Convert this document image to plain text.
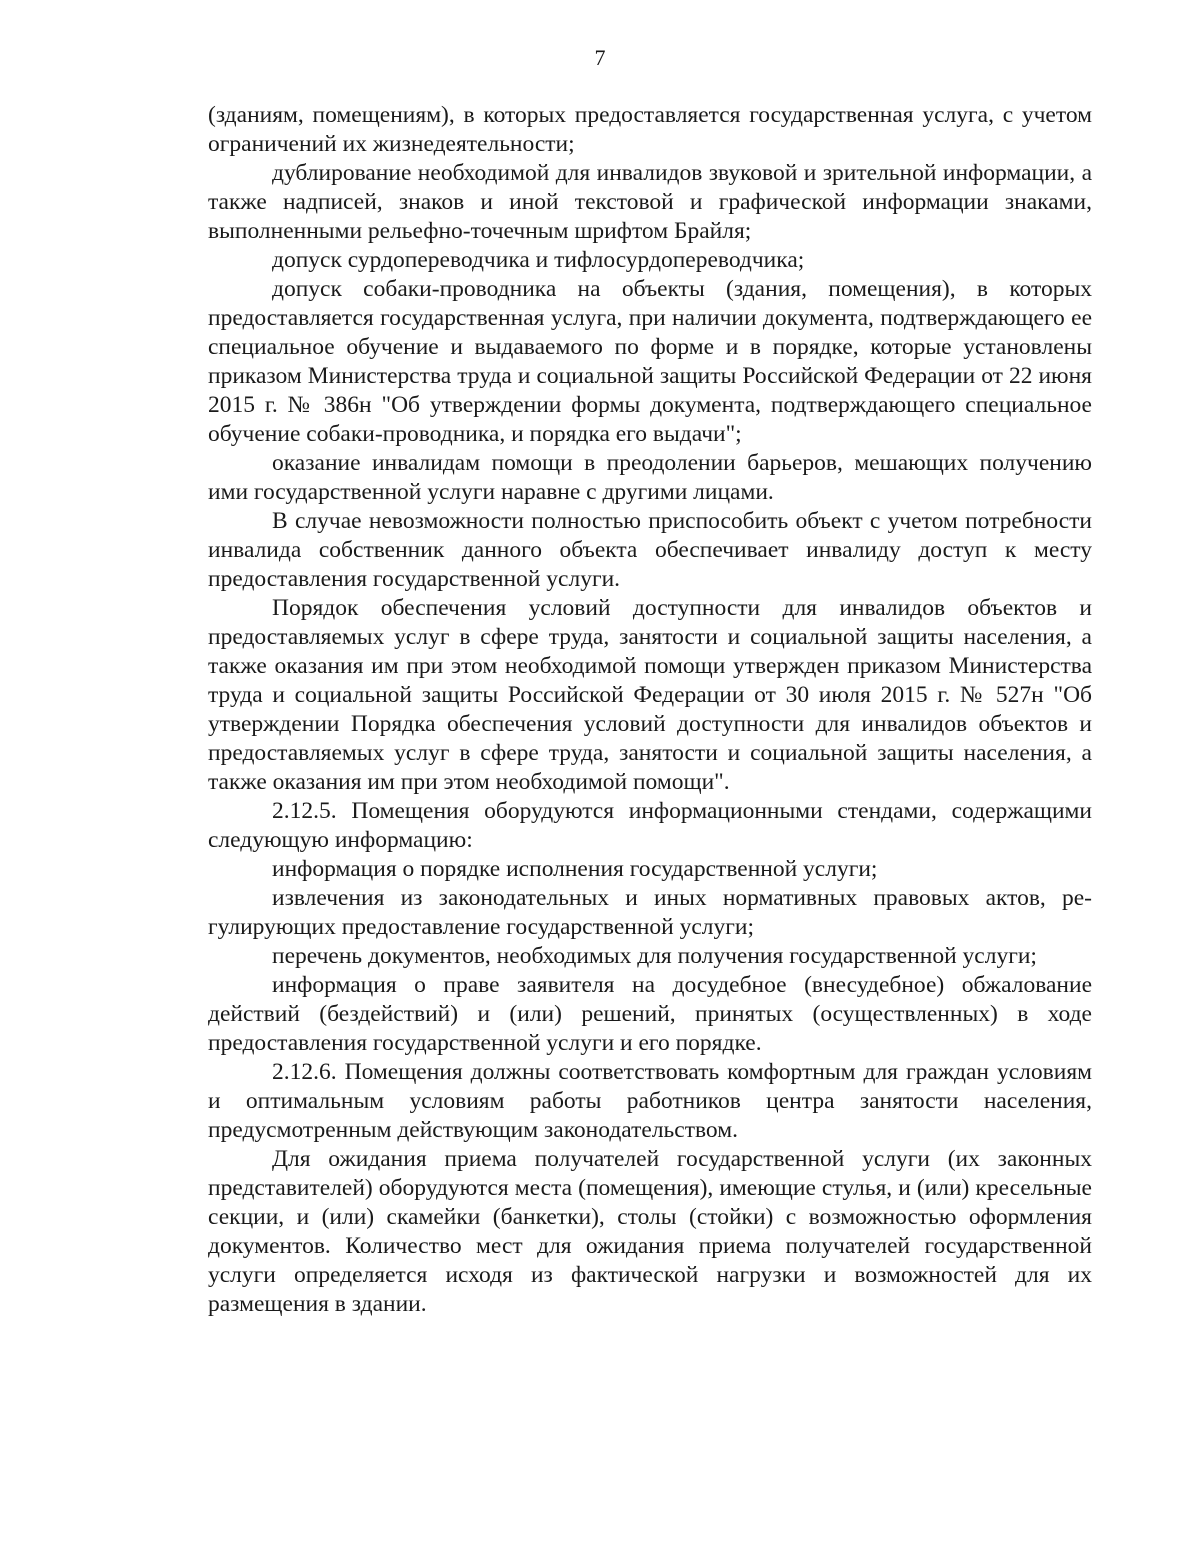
7

(зданиям, помещениям), в которых предоставляется государственная услуга, с учетом ограничений их жизнедеятельности;

дублирование необходимой для инвалидов звуковой и зрительной информации, а также надписей, знаков и иной текстовой и графической информации знаками, выполненными рельефно-точечным шрифтом Брайля;

допуск сурдопереводчика и тифлосурдопереводчика;

допуск собаки-проводника на объекты (здания, помещения), в которых предоставляется государственная услуга, при наличии документа, подтверждающего ее специальное обучение и выдаваемого по форме и в порядке, которые установлены приказом Министерства труда и социальной защиты Российской Федерации от 22 июня 2015 г. № 386н "Об утверждении формы документа, подтверждающего специальное обучение собаки-проводника, и порядка его выдачи";

оказание инвалидам помощи в преодолении барьеров, мешающих получению ими государственной услуги наравне с другими лицами.

В случае невозможности полностью приспособить объект с учетом потребности инвалида собственник данного объекта обеспечивает инвалиду доступ к месту предоставления государственной услуги.

Порядок обеспечения условий доступности для инвалидов объектов и предоставляемых услуг в сфере труда, занятости и социальной защиты населения, а также оказания им при этом необходимой помощи утвержден приказом Министерства труда и социальной защиты Российской Федерации от 30 июля 2015 г. № 527н "Об утверждении Порядка обеспечения условий доступности для инвалидов объектов и предоставляемых услуг в сфере труда, занятости и социальной защиты населения, а также оказания им при этом необходимой помощи".

2.12.5. Помещения оборудуются информационными стендами, содержащими следующую информацию:

информация о порядке исполнения государственной услуги;

извлечения из законодательных и иных нормативных правовых актов, регулирующих предоставление государственной услуги;

перечень документов, необходимых для получения государственной услуги;

информация о праве заявителя на досудебное (внесудебное) обжалование действий (бездействий) и (или) решений, принятых (осуществленных) в ходе предоставления государственной услуги и его порядке.

2.12.6. Помещения должны соответствовать комфортным для граждан условиям и оптимальным условиям работы работников центра занятости населения, предусмотренным действующим законодательством.

Для ожидания приема получателей государственной услуги (их законных представителей) оборудуются места (помещения), имеющие стулья, и (или) кресельные секции, и (или) скамейки (банкетки), столы (стойки) с возможностью оформления документов. Количество мест для ожидания приема получателей государственной услуги определяется исходя из фактической нагрузки и возможностей для их размещения в здании.
